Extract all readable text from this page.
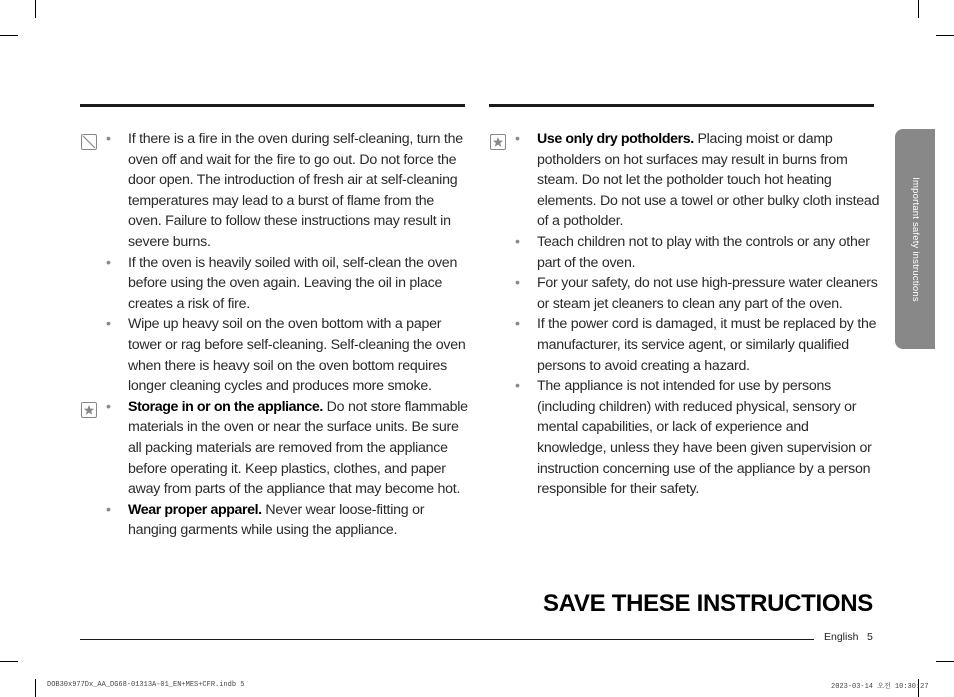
• If there is a fire in the oven during self-cleaning, turn the oven off and wait for the fire to go out. Do not force the door open. The introduction of fresh air at self-cleaning temperatures may lead to a burst of flame from the oven. Failure to follow these instructions may result in severe burns.
• If the oven is heavily soiled with oil, self-clean the oven before using the oven again. Leaving the oil in place creates a risk of fire.
• Wipe up heavy soil on the oven bottom with a paper tower or rag before self-cleaning. Self-cleaning the oven when there is heavy soil on the oven bottom requires longer cleaning cycles and produces more smoke.
• Storage in or on the appliance. Do not store flammable materials in the oven or near the surface units. Be sure all packing materials are removed from the appliance before operating it. Keep plastics, clothes, and paper away from parts of the appliance that may become hot.
• Wear proper apparel. Never wear loose-fitting or hanging garments while using the appliance.
• Use only dry potholders. Placing moist or damp potholders on hot surfaces may result in burns from steam. Do not let the potholder touch hot heating elements. Do not use a towel or other bulky cloth instead of a potholder.
• Teach children not to play with the controls or any other part of the oven.
• For your safety, do not use high-pressure water cleaners or steam jet cleaners to clean any part of the oven.
• If the power cord is damaged, it must be replaced by the manufacturer, its service agent, or similarly qualified persons to avoid creating a hazard.
• The appliance is not intended for use by persons (including children) with reduced physical, sensory or mental capabilities, or lack of experience and knowledge, unless they have been given supervision or instruction concerning use of the appliance by a person responsible for their safety.
Important safety instructions
SAVE THESE INSTRUCTIONS
English 5
DOB30x977Dx_AA_DG68-01313A-01_EN+MES+CFR.indb 5	2023-03-14 오전 10:30:27
